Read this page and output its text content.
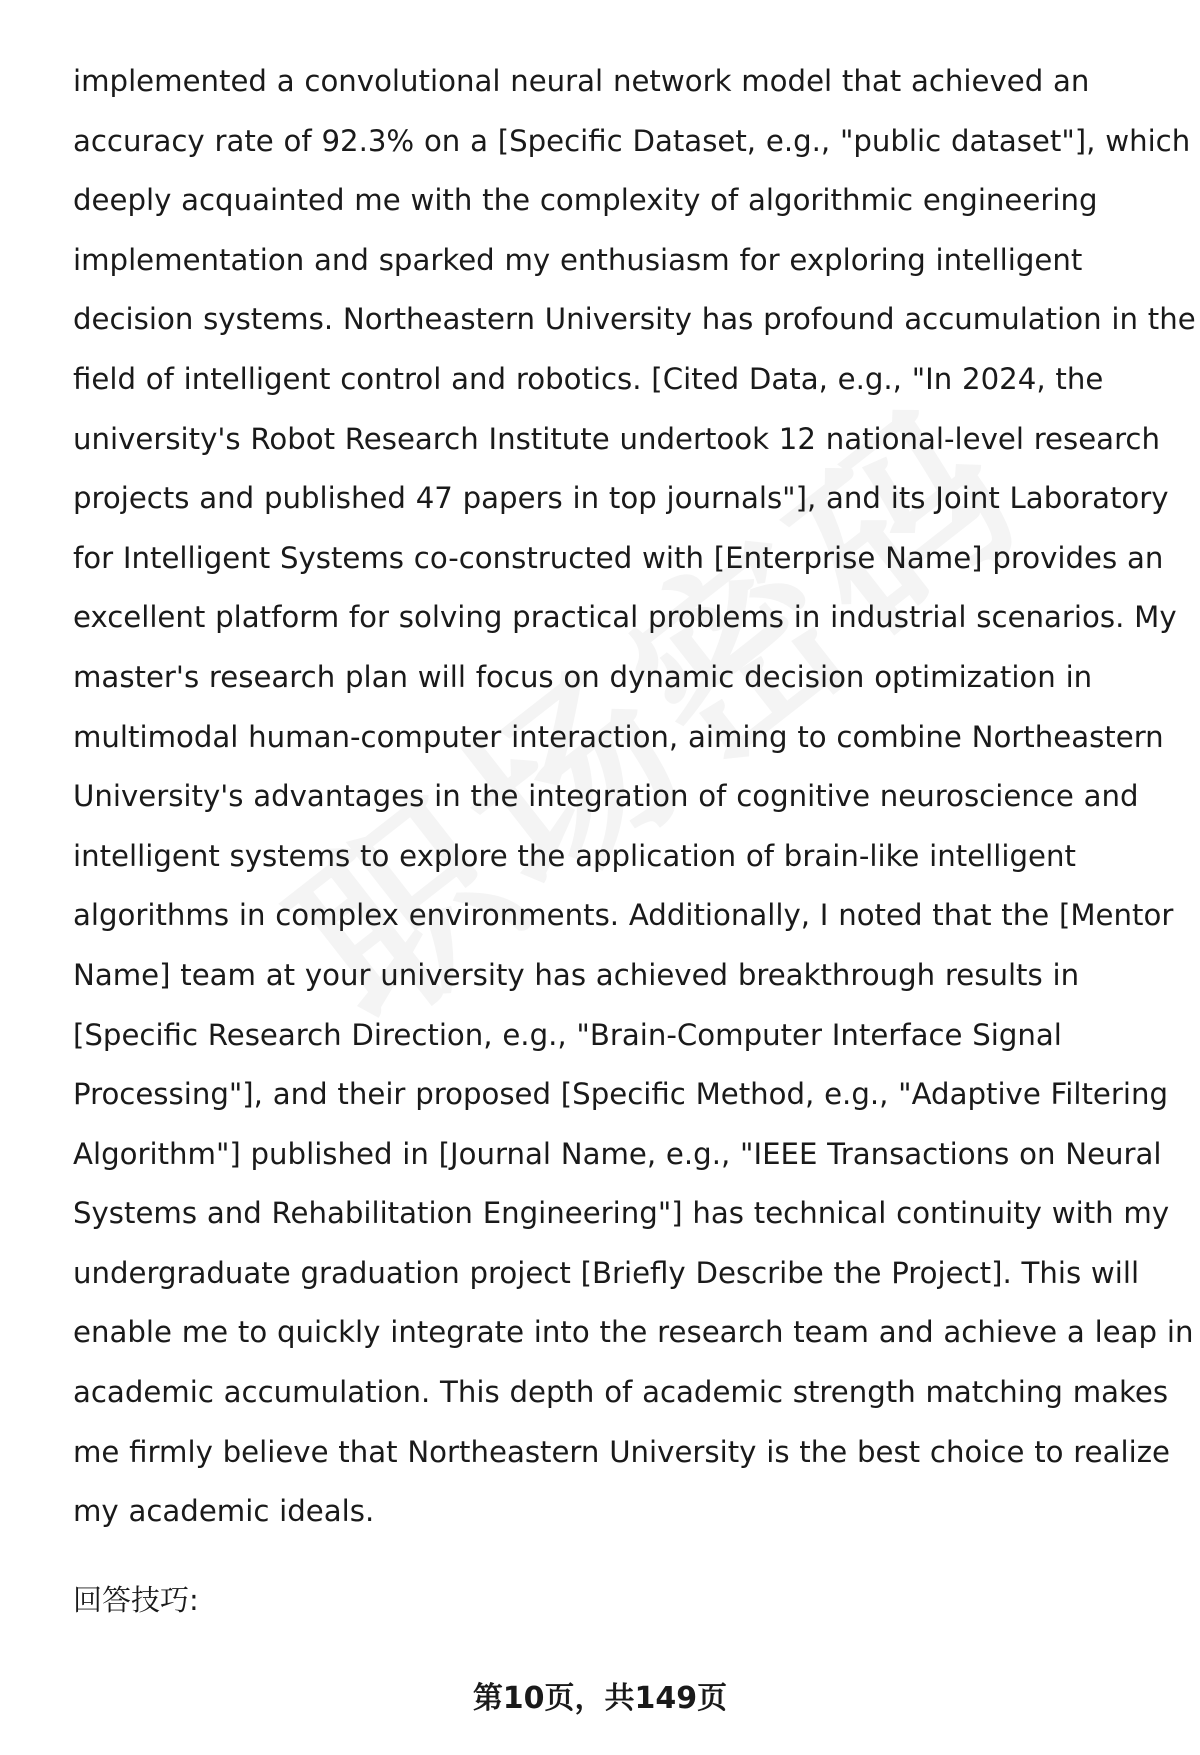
implemented a convolutional neural network model that achieved an
accuracy rate of 92.3% on a [Specific Dataset, e.g., "public dataset"], which
deeply acquainted me with the complexity of algorithmic engineering
implementation and sparked my enthusiasm for exploring intelligent
decision systems. Northeastern University has profound accumulation in the
field of intelligent control and robotics. [Cited Data, e.g., "In 2024, the
university's Robot Research Institute undertook 12 national-level research
projects and published 47 papers in top journals"], and its Joint Laboratory
for Intelligent Systems co-constructed with [Enterprise Name] provides an
excellent platform for solving practical problems in industrial scenarios. My
master's research plan will focus on dynamic decision optimization in
multimodal human-computer interaction, aiming to combine Northeastern
University's advantages in the integration of cognitive neuroscience and
intelligent systems to explore the application of brain-like intelligent
algorithms in complex environments. Additionally, I noted that the [Mentor
Name] team at your university has achieved breakthrough results in
[Specific Research Direction, e.g., "Brain-Computer Interface Signal
Processing"], and their proposed [Specific Method, e.g., "Adaptive Filtering
Algorithm"] published in [Journal Name, e.g., "IEEE Transactions on Neural
Systems and Rehabilitation Engineering"] has technical continuity with my
undergraduate graduation project [Briefly Describe the Project]. This will
enable me to quickly integrate into the research team and achieve a leap in
academic accumulation. This depth of academic strength matching makes
me firmly believe that Northeastern University is the best choice to realize
my academic ideals.
回答技巧:
第10页，共149页
